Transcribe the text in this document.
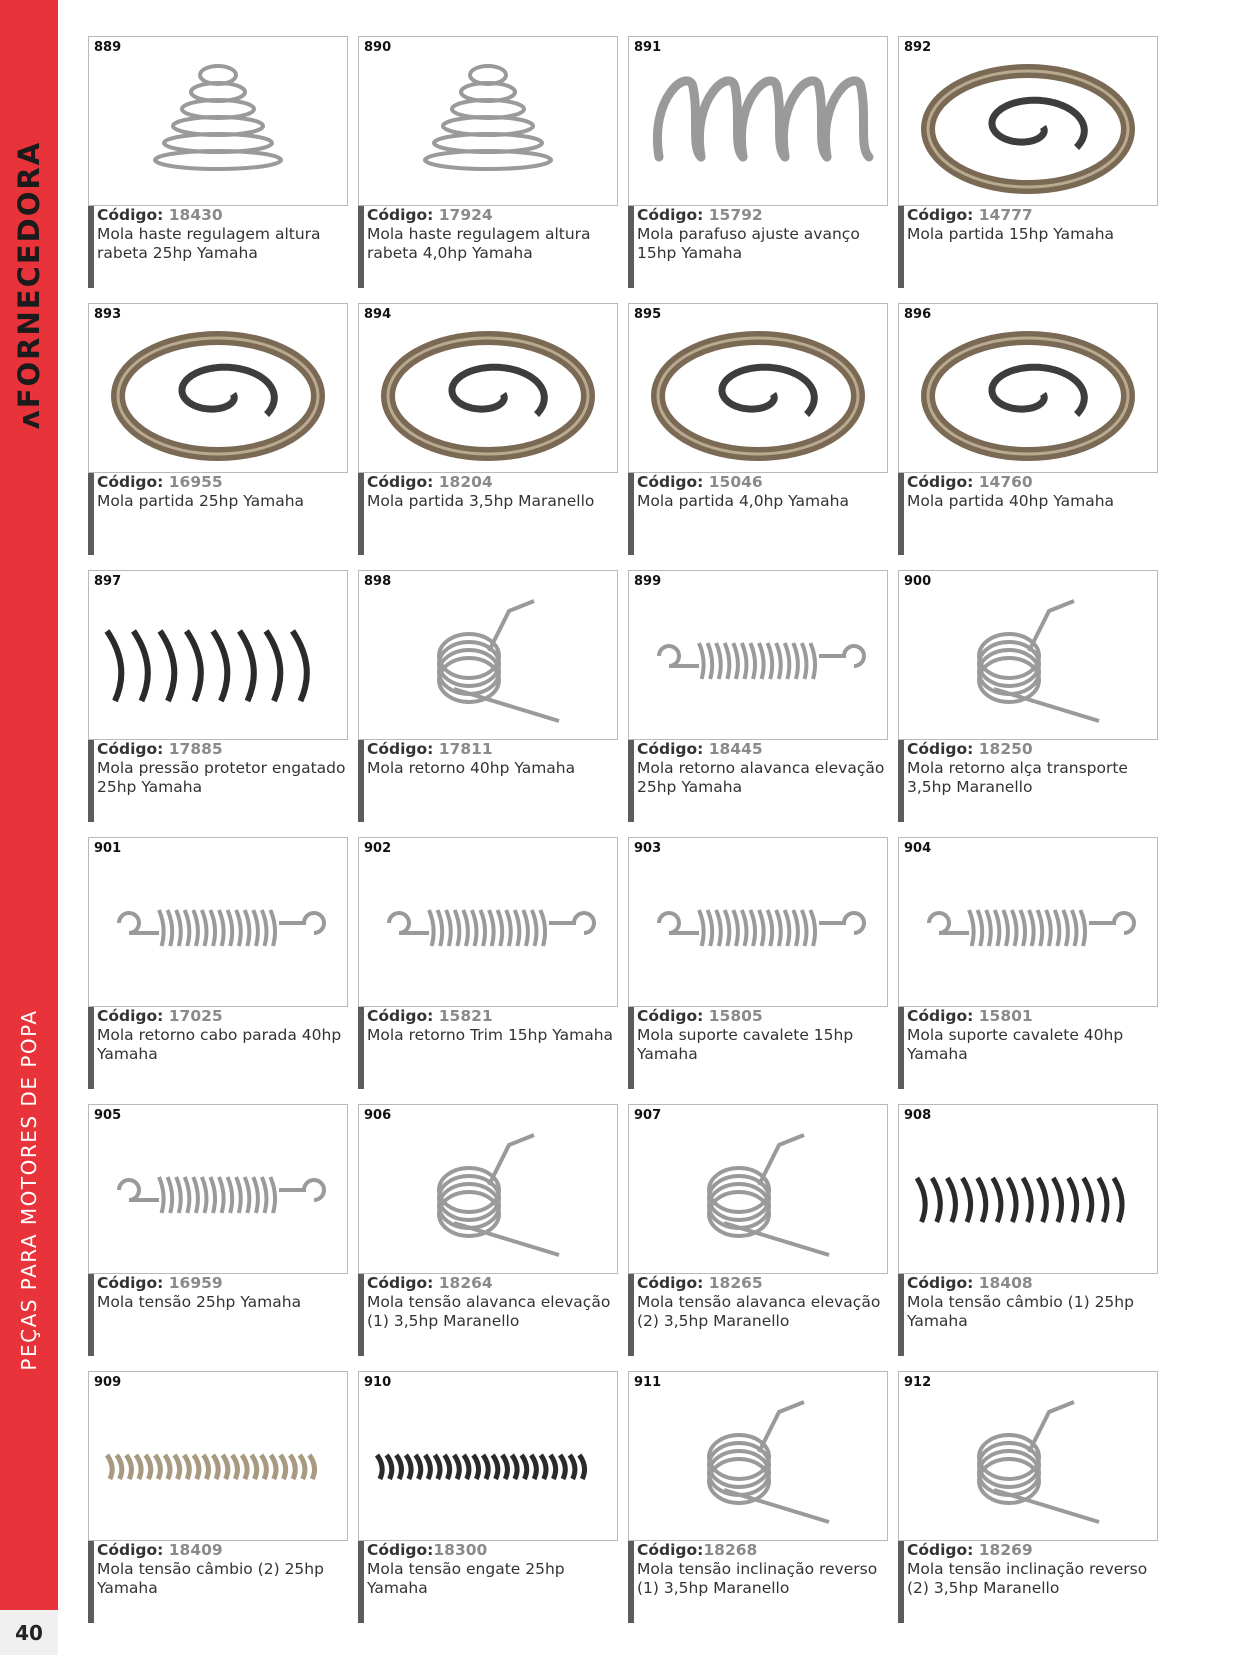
ʌFORNECEDORA
PEÇAS PARA MOTORES DE POPA
40
889
Código: 18430
Mola haste regulagem altura rabeta 25hp Yamaha
890
Código: 17924
Mola haste regulagem altura rabeta 4,0hp Yamaha
891
Código: 15792
Mola parafuso ajuste avanço 15hp Yamaha
892
Código: 14777
Mola partida 15hp Yamaha
893
Código: 16955
Mola partida 25hp Yamaha
894
Código: 18204
Mola partida 3,5hp Maranello
895
Código: 15046
Mola partida 4,0hp Yamaha
896
Código: 14760
Mola partida 40hp Yamaha
897
Código: 17885
Mola pressão protetor engatado 25hp Yamaha
898
Código: 17811
Mola retorno 40hp Yamaha
899
Código: 18445
Mola retorno alavanca elevação 25hp Yamaha
900
Código: 18250
Mola retorno alça transporte 3,5hp Maranello
901
Código: 17025
Mola retorno cabo parada 40hp Yamaha
902
Código: 15821
Mola retorno Trim 15hp Yamaha
903
Código: 15805
Mola suporte cavalete 15hp Yamaha
904
Código: 15801
Mola suporte cavalete 40hp Yamaha
905
Código: 16959
Mola tensão 25hp Yamaha
906
Código: 18264
Mola tensão alavanca elevação (1) 3,5hp Maranello
907
Código: 18265
Mola tensão alavanca elevação (2) 3,5hp Maranello
908
Código: 18408
Mola tensão câmbio (1) 25hp Yamaha
909
Código: 18409
Mola tensão câmbio (2) 25hp Yamaha
910
Código:18300
Mola tensão engate 25hp Yamaha
911
Código:18268
Mola tensão inclinação reverso (1) 3,5hp Maranello
912
Código: 18269
Mola tensão inclinação reverso (2) 3,5hp Maranello
